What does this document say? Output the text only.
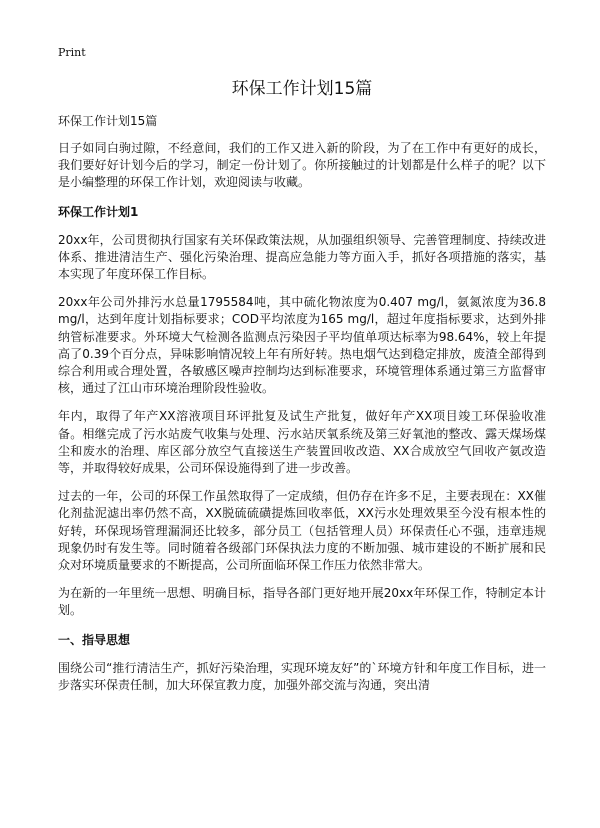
Print
环保工作计划15篇
环保工作计划15篇

日子如同白驹过隙，不经意间，我们的工作又进入新的阶段，为了在工作中有更好的成长，我们要好好计划今后的学习，制定一份计划了。你所接触过的计划都是什么样子的呢？以下是小编整理的环保工作计划，欢迎阅读与收藏。

环保工作计划1

20xx年，公司贯彻执行国家有关环保政策法规，从加强组织领导、完善管理制度、持续改进体系、推进清洁生产、强化污染治理、提高应急能力等方面入手，抓好各项措施的落实，基本实现了年度环保工作目标。

20xx年公司外排污水总量1795584吨，其中硫化物浓度为0.407 mg/l，氨氮浓度为36.8 mg/l，达到年度计划指标要求；COD平均浓度为165 mg/l，超过年度指标要求，达到外排纳管标准要求。外环境大气检测各监测点污染因子平均值单项达标率为98.64%，较上年提高了0.39个百分点，异味影响情况较上年有所好转。热电烟气达到稳定排放，废渣全部得到综合利用或合理处置，各敏感区噪声控制均达到标准要求，环境管理体系通过第三方监督审核，通过了江山市环境治理阶段性验收。

年内，取得了年产XX溶液项目环评批复及试生产批复，做好年产XX项目竣工环保验收准备。相继完成了污水站废气收集与处理、污水站厌氧系统及第三好氧池的整改、露天煤场煤尘和废水的治理、库区部分放空气直接送生产装置回收改造、XX合成放空气回收产氨改造等，并取得较好成果，公司环保设施得到了进一步改善。

过去的一年，公司的环保工作虽然取得了一定成绩，但仍存在许多不足，主要表现在：XX催化剂盐泥滤出率仍然不高，XX脱硫硫磺提炼回收率低，XX污水处理效果至今没有根本性的好转，环保现场管理漏洞还比较多，部分员工（包括管理人员）环保责任心不强，违章违规现象仍时有发生等。同时随着各级部门环保执法力度的不断加强、城市建设的不断扩展和民众对环境质量要求的不断提高，公司所面临环保工作压力依然非常大。

为在新的一年里统一思想、明确目标，指导各部门更好地开展20xx年环保工作，特制定本计划。

一、指导思想

围绕公司“推行清洁生产，抓好污染治理，实现环境友好”的`环境方针和年度工作目标，进一步落实环保责任制，加大环保宣教力度，加强外部交流与沟通，突出清
